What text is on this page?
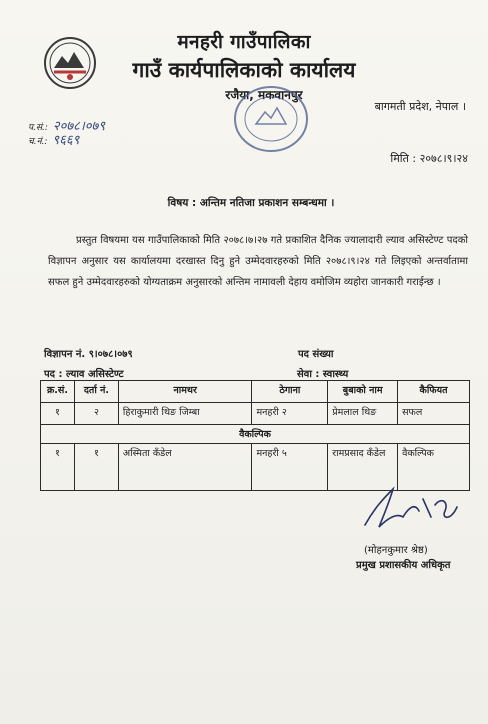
मनहरी गाउँपालिका
गाउँ कार्यपालिकाको कार्यालय
रजैया, मकवानपुर
बागमती प्रदेश, नेपाल ।
प.सं.: २०७८।०७९
च.नं.: ९६६९
मिति : २०७८।९।२४
विषय : अन्तिम नतिजा प्रकाशन सम्बन्धमा ।
प्रस्तुत विषयमा यस गाउँपालिकाको मिति २०७८।७।२७ गते प्रकाशित दैनिक ज्यालादारी ल्याव असिस्टेण्ट पदको विज्ञापन अनुसार यस कार्यालयमा दरखास्त दिनु हुने उम्मेदवारहरुको मिति २०७८।९।२४ गते लिइएको अन्तर्वातामा सफल हुने उम्मेदवारहरुको योग्यताक्रम अनुसारको अन्तिम नामावली देहाय वमोजिम व्यहोरा जानकारी गराईन्छ ।
विज्ञापन नं. ९।०७८।०७९	पद संख्या
पद : ल्याव असिस्टेण्ट	सेवा : स्वास्थ्य
क्र.सं.	दर्ता नं.	नामथर	ठेगाना	बुबाको नाम	कैफियत
१	२	हिराकुमारी थिङ जिम्बा	मनहरी २	प्रेमलाल थिङ	सफल
वैकल्पिक					
१	१	अस्मिता कँडेल	मनहरी ५	रामप्रसाद कँडेल	वैकल्पिक
(मोहनकुमार श्रेष्ठ)
प्रमुख प्रशासकीय अधिकृत
